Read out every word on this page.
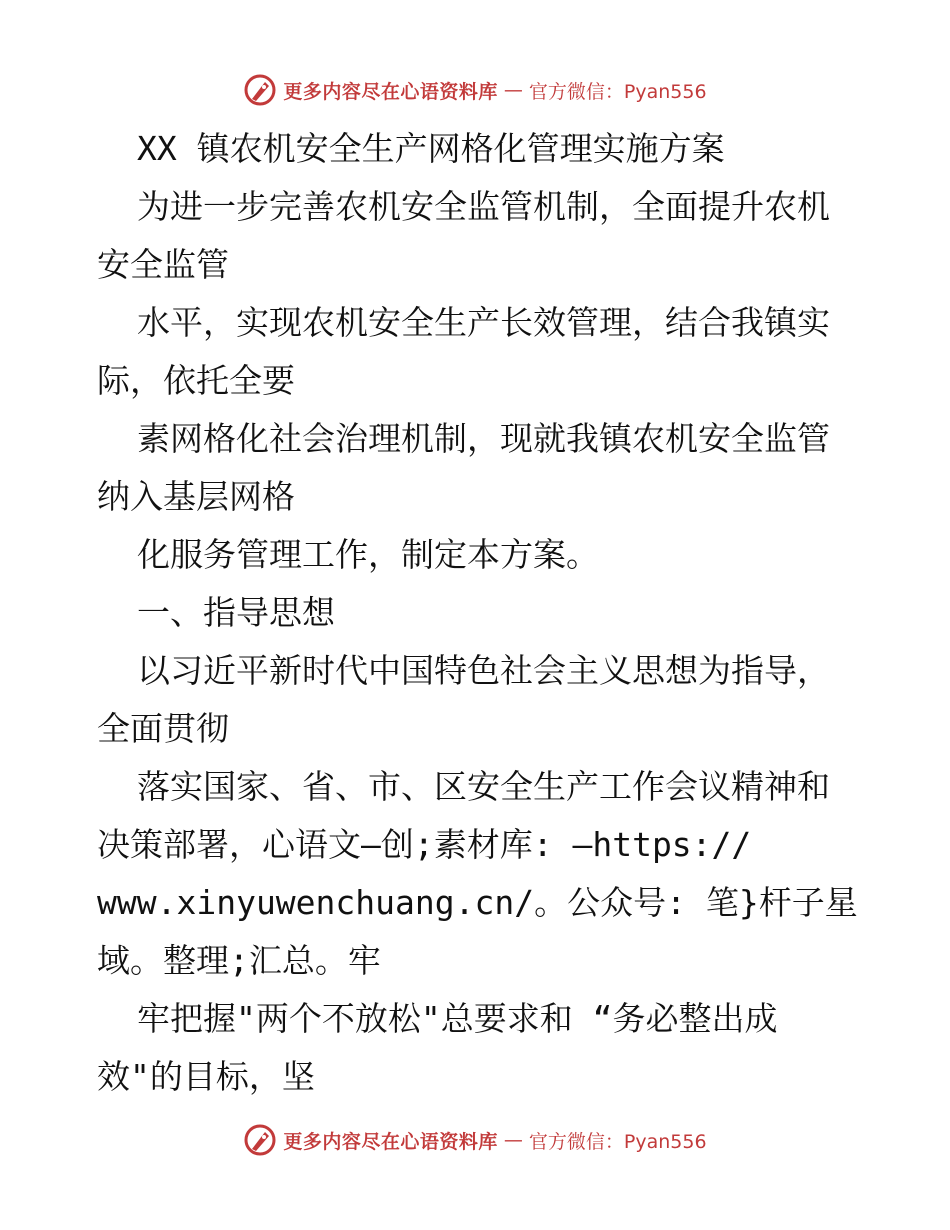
更多内容尽在心语资料库 — 官方微信：Pyan556
XX 镇农机安全生产网格化管理实施方案
为进一步完善农机安全监管机制，全面提升农机
安全监管
水平，实现农机安全生产长效管理，结合我镇实
际，依托全要
素网格化社会治理机制，现就我镇农机安全监管
纳入基层网格
化服务管理工作，制定本方案。
一、指导思想
以习近平新时代中国特色社会主义思想为指导，
全面贯彻
落实国家、省、市、区安全生产工作会议精神和
决策部署，心语文—创;素材库: —https://
www.xinyuwenchuang.cn/。公众号: 笔}杆子星
域。整理;汇总。牢
牢把握"两个不放松"总要求和 “务必整出成
效"的目标，坚
更多内容尽在心语资料库 — 官方微信：Pyan556
